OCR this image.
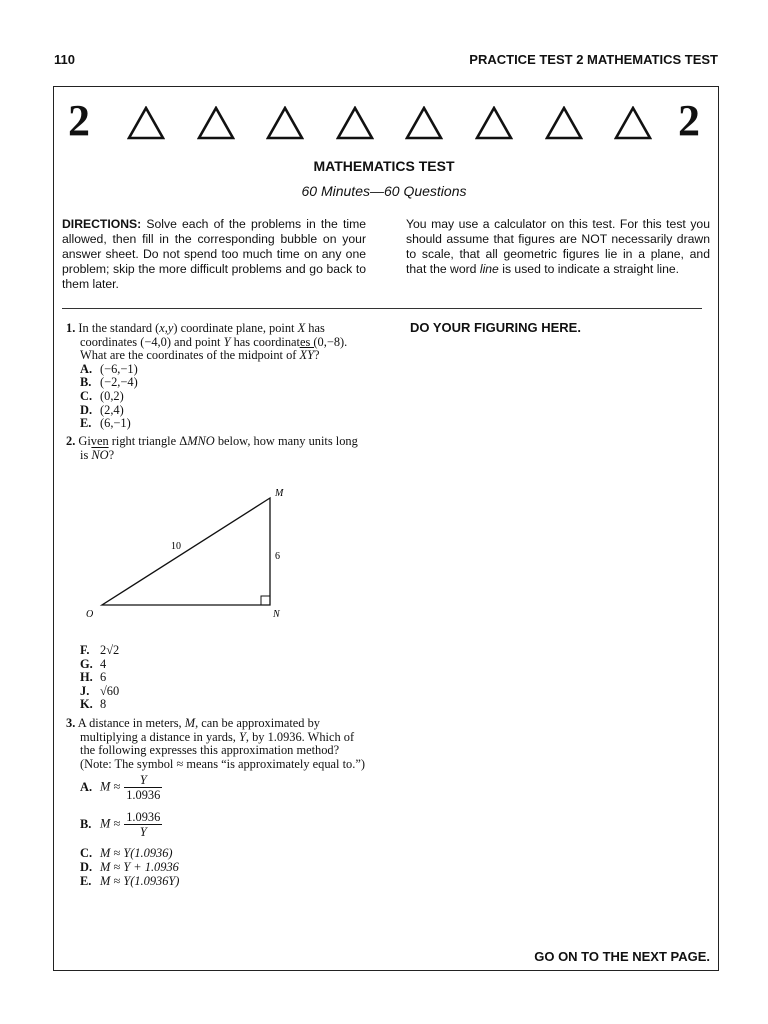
110	PRACTICE TEST 2 MATHEMATICS TEST
2	2
MATHEMATICS TEST
60 Minutes—60 Questions
DIRECTIONS: Solve each of the problems in the time allowed, then fill in the corresponding bubble on your answer sheet. Do not spend too much time on any one problem; skip the more difficult problems and go back to them later.
You may use a calculator on this test. For this test you should assume that figures are NOT necessarily drawn to scale, that all geometric figures lie in a plane, and that the word line is used to indicate a straight line.
DO YOUR FIGURING HERE.
1. In the standard (x,y) coordinate plane, point X has coordinates (−4,0) and point Y has coordinates (0,−8). What are the coordinates of the midpoint of $\overline{XY}$?
A. (−6,−1)
B. (−2,−4)
C. (0,2)
D. (2,4)
E. (6,−1)
2. Given right triangle ΔMNO below, how many units long is $\overline{NO}$?
M
N
O
10
6
F. 2√2
G. 4
H. 6
J. √60
K. 8
3. A distance in meters, M, can be approximated by multiplying a distance in yards, Y, by 1.0936. Which of the following expresses this approximation method? (Note: The symbol ≈ means “is approximately equal to.”)
A. $M \approx \frac{Y}{1.0936}$
B. $M \approx \frac{1.0936}{Y}$
C. M ≈ Y(1.0936)
D. M ≈ Y + 1.0936
E. M ≈ Y(1.0936Y)
GO ON TO THE NEXT PAGE.
